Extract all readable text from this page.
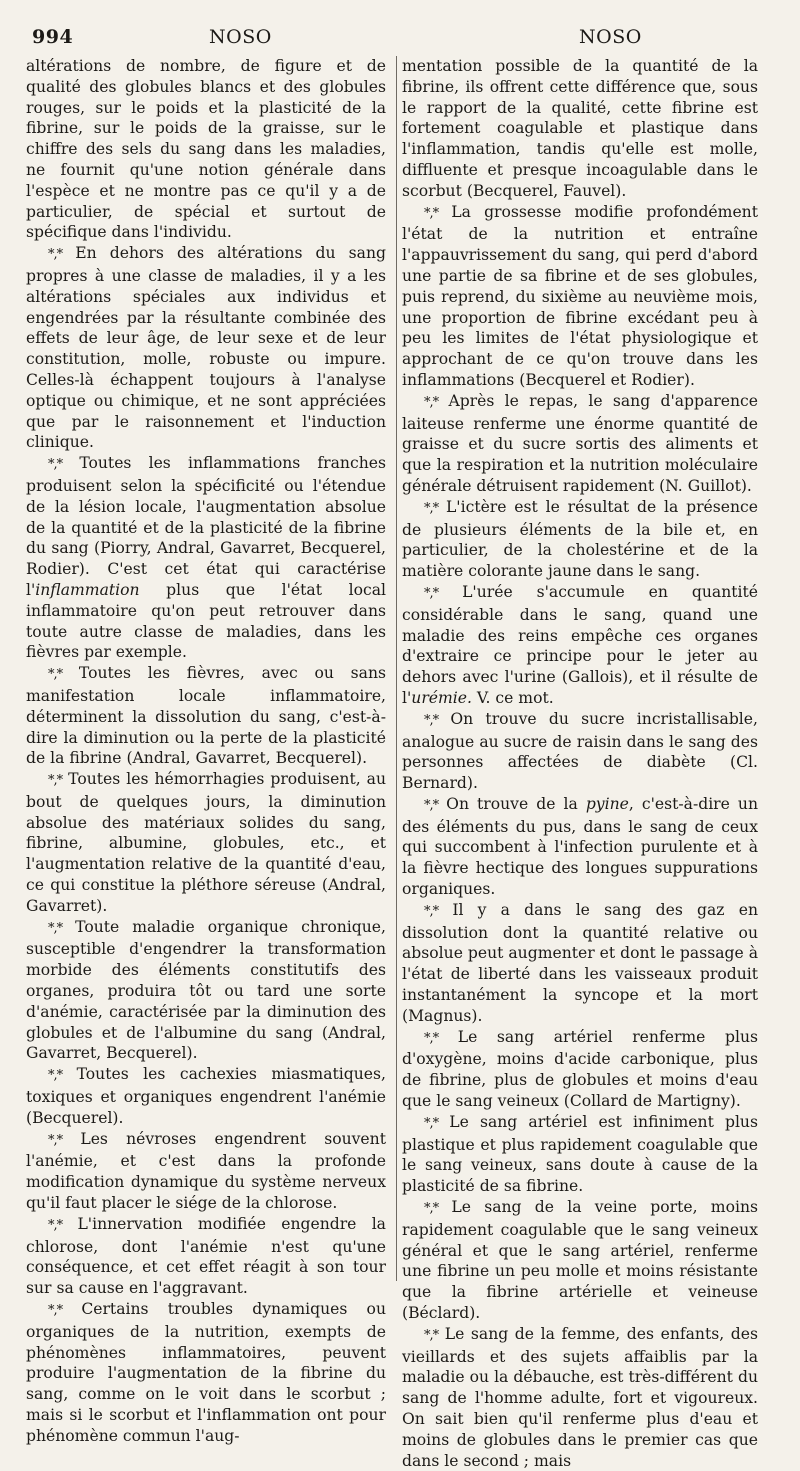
994	NOSO	NOSO

altérations de nombre, de figure et de qualité des globules blancs et des globules rouges, sur le poids et la plasticité de la fibrine, sur le poids de la graisse, sur le chiffre des sels du sang dans les maladies, ne fournit qu'une notion générale dans l'espèce et ne montre pas ce qu'il y a de particulier, de spécial et surtout de spécifique dans l'individu.

*,* En dehors des altérations du sang propres à une classe de maladies, il y a les altérations spéciales aux individus et engendrées par la résultante combinée des effets de leur âge, de leur sexe et de leur constitution, molle, robuste ou impure. Celles-là échappent toujours à l'analyse optique ou chimique, et ne sont appréciées que par le raisonnement et l'induction clinique.

*,* Toutes les inflammations franches produisent selon la spécificité ou l'étendue de la lésion locale, l'augmentation absolue de la quantité et de la plasticité de la fibrine du sang (Piorry, Andral, Gavarret, Becquerel, Rodier). C'est cet état qui caractérise l'inflammation plus que l'état local inflammatoire qu'on peut retrouver dans toute autre classe de maladies, dans les fièvres par exemple.

*,* Toutes les fièvres, avec ou sans manifestation locale inflammatoire, déterminent la dissolution du sang, c'est-à-dire la diminution ou la perte de la plasticité de la fibrine (Andral, Gavarret, Becquerel).

*,* Toutes les hémorrhagies produisent, au bout de quelques jours, la diminution absolue des matériaux solides du sang, fibrine, albumine, globules, etc., et l'augmentation relative de la quantité d'eau, ce qui constitue la pléthore séreuse (Andral, Gavarret).

*,* Toute maladie organique chronique, susceptible d'engendrer la transformation morbide des éléments constitutifs des organes, produira tôt ou tard une sorte d'anémie, caractérisée par la diminution des globules et de l'albumine du sang (Andral, Gavarret, Becquerel).

*,* Toutes les cachexies miasmatiques, toxiques et organiques engendrent l'anémie (Becquerel).

*,* Les névroses engendrent souvent l'anémie, et c'est dans la profonde modification dynamique du système nerveux qu'il faut placer le siége de la chlorose.

*,* L'innervation modifiée engendre la chlorose, dont l'anémie n'est qu'une conséquence, et cet effet réagit à son tour sur sa cause en l'aggravant.

*,* Certains troubles dynamiques ou organiques de la nutrition, exempts de phénomènes inflammatoires, peuvent produire l'augmentation de la fibrine du sang, comme on le voit dans le scorbut ; mais si le scorbut et l'inflammation ont pour phénomène commun l'aug-

mentation possible de la quantité de la fibrine, ils offrent cette différence que, sous le rapport de la qualité, cette fibrine est fortement coagulable et plastique dans l'inflammation, tandis qu'elle est molle, diffluente et presque incoagulable dans le scorbut (Becquerel, Fauvel).

*,* La grossesse modifie profondément l'état de la nutrition et entraîne l'appauvrissement du sang, qui perd d'abord une partie de sa fibrine et de ses globules, puis reprend, du sixième au neuvième mois, une proportion de fibrine excédant peu à peu les limites de l'état physiologique et approchant de ce qu'on trouve dans les inflammations (Becquerel et Rodier).

*,* Après le repas, le sang d'apparence laiteuse renferme une énorme quantité de graisse et du sucre sortis des aliments et que la respiration et la nutrition moléculaire générale détruisent rapidement (N. Guillot).

*,* L'ictère est le résultat de la présence de plusieurs éléments de la bile et, en particulier, de la cholestérine et de la matière colorante jaune dans le sang.

*,* L'urée s'accumule en quantité considérable dans le sang, quand une maladie des reins empêche ces organes d'extraire ce principe pour le jeter au dehors avec l'urine (Gallois), et il résulte de l'urémie. V. ce mot.

*,* On trouve du sucre incristallisable, analogue au sucre de raisin dans le sang des personnes affectées de diabète (Cl. Bernard).

*,* On trouve de la pyine, c'est-à-dire un des éléments du pus, dans le sang de ceux qui succombent à l'infection purulente et à la fièvre hectique des longues suppurations organiques.

*,* Il y a dans le sang des gaz en dissolution dont la quantité relative ou absolue peut augmenter et dont le passage à l'état de liberté dans les vaisseaux produit instantanément la syncope et la mort (Magnus).

*,* Le sang artériel renferme plus d'oxygène, moins d'acide carbonique, plus de fibrine, plus de globules et moins d'eau que le sang veineux (Collard de Martigny).

*,* Le sang artériel est infiniment plus plastique et plus rapidement coagulable que le sang veineux, sans doute à cause de la plasticité de sa fibrine.

*,* Le sang de la veine porte, moins rapidement coagulable que le sang veineux général et que le sang artériel, renferme une fibrine un peu molle et moins résistante que la fibrine artérielle et veineuse (Béclard).

*,* Le sang de la femme, des enfants, des vieillards et des sujets affaiblis par la maladie ou la débauche, est très-différent du sang de l'homme adulte, fort et vigoureux. On sait bien qu'il renferme plus d'eau et moins de globules dans le premier cas que dans le second ; mais
